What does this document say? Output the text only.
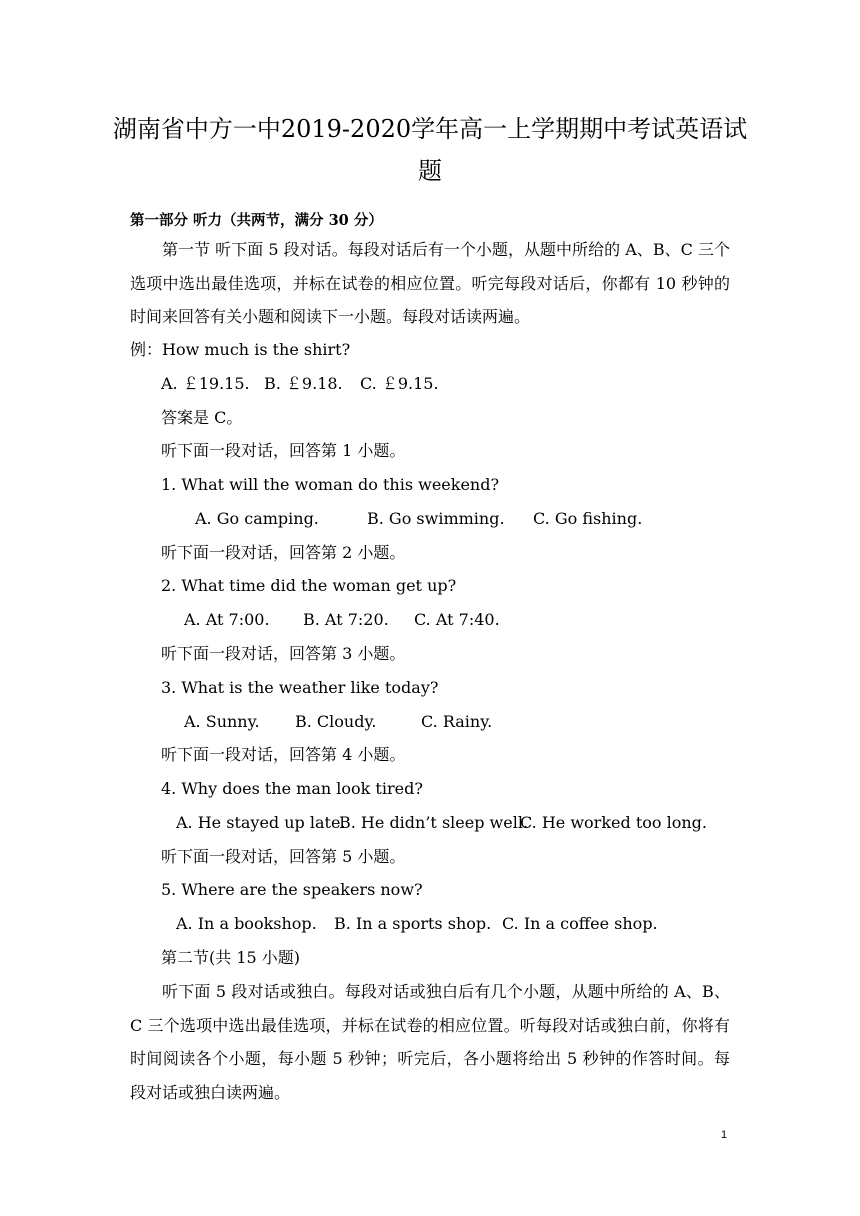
湖南省中方一中2019-2020学年高一上学期期中考试英语试
题
第一部分 听力（共两节，满分 30 分）
第一节 听下面 5 段对话。每段对话后有一个小题，从题中所给的 A、B、C 三个选项中选出最佳选项，并标在试卷的相应位置。听完每段对话后，你都有 10 秒钟的时间来回答有关小题和阅读下一小题。每段对话读两遍。
例：How much is the shirt?
A. ￡19.15. B. ￡9.18. C. ￡9.15.
答案是 C。
听下面一段对话，回答第 1 小题。
1. What will the woman do this weekend?
A. Go camping.	B. Go swimming. C. Go fishing.
听下面一段对话，回答第 2 小题。
2. What time did the woman get up?
A. At 7:00. B. At 7:20. C. At 7:40.
听下面一段对话，回答第 3 小题。
3. What is the weather like today?
A. Sunny. B. Cloudy.	C. Rainy.
听下面一段对话，回答第 4 小题。
4. Why does the man look tired?
A. He stayed up late.B. He didn’t sleep well.C. He worked too long.
听下面一段对话，回答第 5 小题。
5. Where are the speakers now?
A. In a bookshop. B. In a sports shop. C. In a coffee shop.
第二节(共 15 小题)
听下面 5 段对话或独白。每段对话或独白后有几个小题，从题中所给的 A、B、C 三个选项中选出最佳选项，并标在试卷的相应位置。听每段对话或独白前，你将有时间阅读各个小题，每小题 5 秒钟；听完后，各小题将给出 5 秒钟的作答时间。每段对话或独白读两遍。
1
